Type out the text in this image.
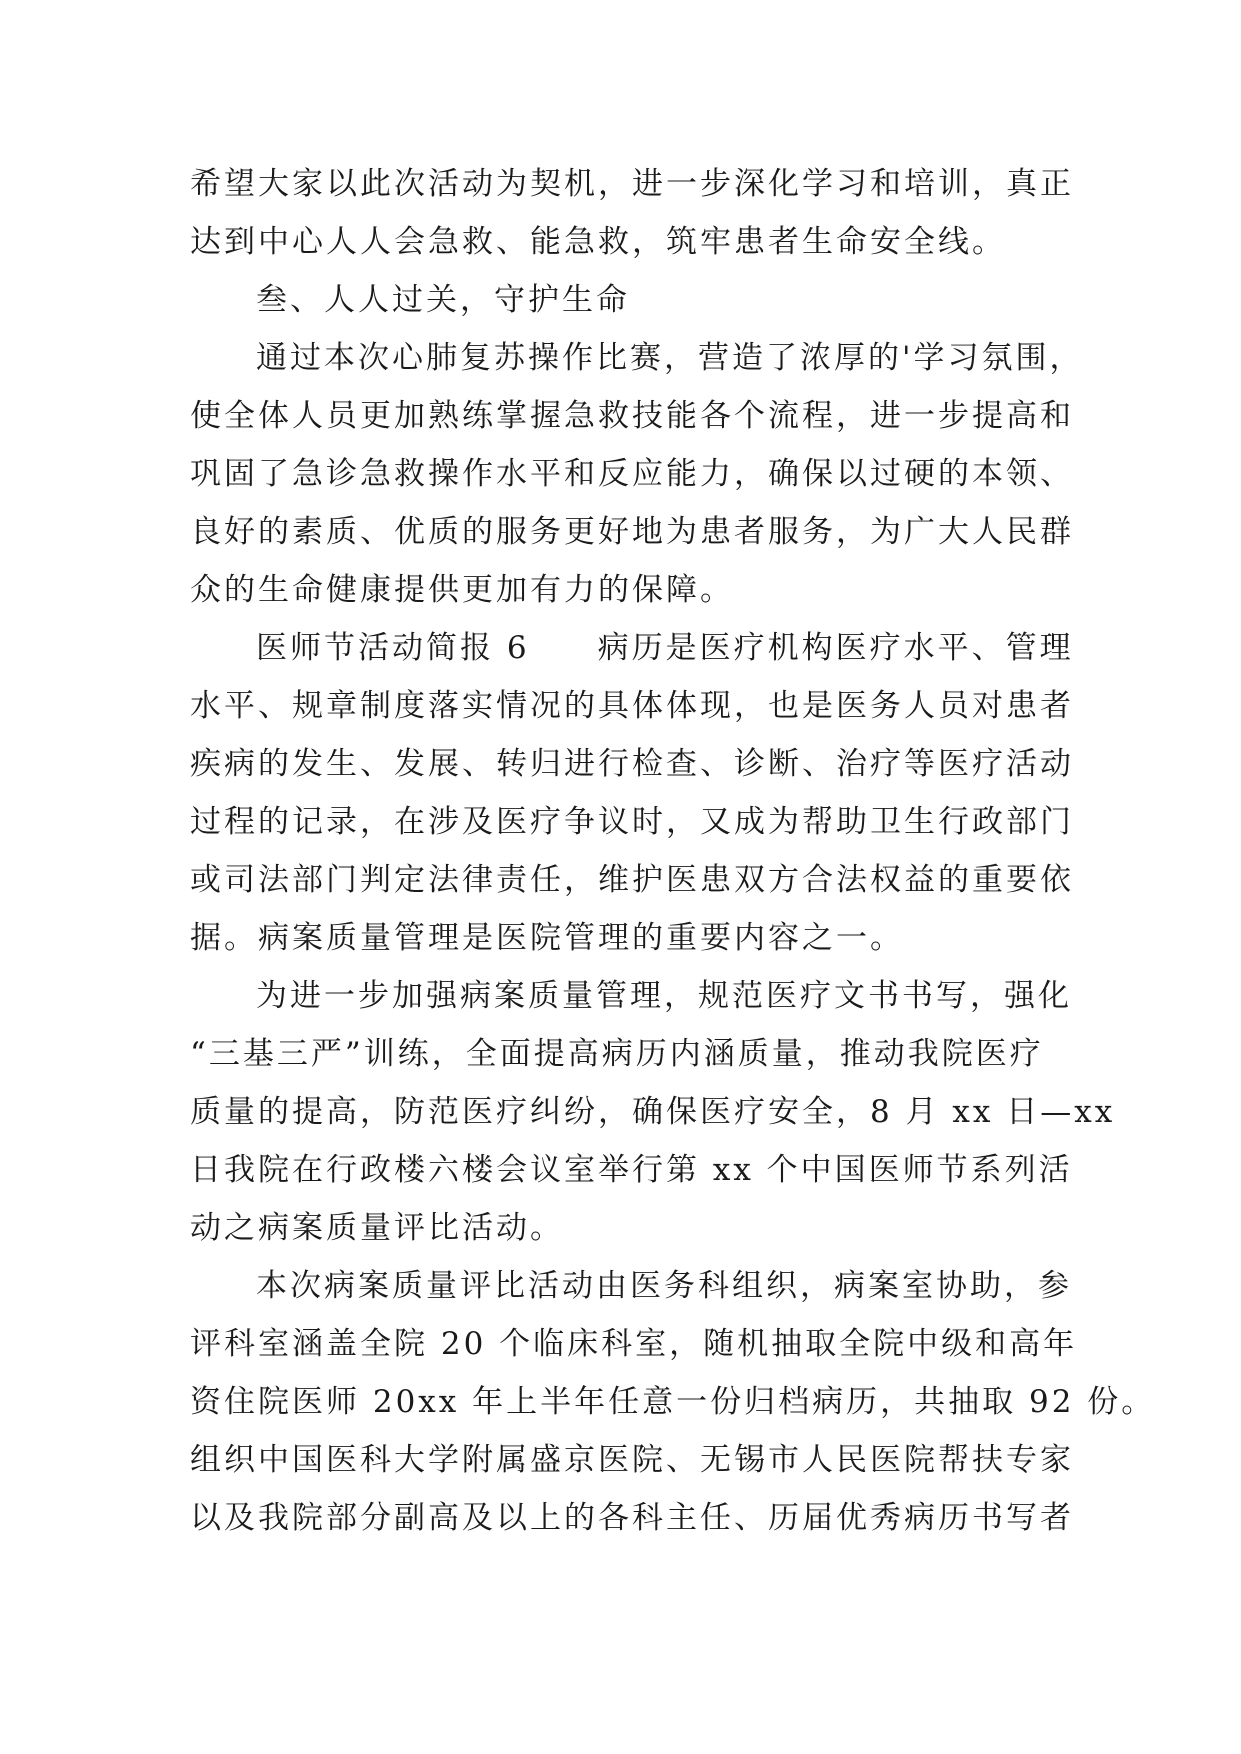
希望大家以此次活动为契机，进一步深化学习和培训，真正
达到中心人人会急救、能急救，筑牢患者生命安全线。
叁、人人过关，守护生命
通过本次心肺复苏操作比赛，营造了浓厚的'学习氛围，
使全体人员更加熟练掌握急救技能各个流程，进一步提高和
巩固了急诊急救操作水平和反应能力，确保以过硬的本领、
良好的素质、优质的服务更好地为患者服务，为广大人民群
众的生命健康提供更加有力的保障。
医师节活动简报 6　　病历是医疗机构医疗水平、管理
水平、规章制度落实情况的具体体现，也是医务人员对患者
疾病的发生、发展、转归进行检查、诊断、治疗等医疗活动
过程的记录，在涉及医疗争议时，又成为帮助卫生行政部门
或司法部门判定法律责任，维护医患双方合法权益的重要依
据。病案质量管理是医院管理的重要内容之一。
为进一步加强病案质量管理，规范医疗文书书写，强化
“三基三严”训练，全面提高病历内涵质量，推动我院医疗
质量的提高，防范医疗纠纷，确保医疗安全，8 月 xx 日—xx
日我院在行政楼六楼会议室举行第 xx 个中国医师节系列活
动之病案质量评比活动。
本次病案质量评比活动由医务科组织，病案室协助，参
评科室涵盖全院 20 个临床科室，随机抽取全院中级和高年
资住院医师 20xx 年上半年任意一份归档病历，共抽取 92 份。
组织中国医科大学附属盛京医院、无锡市人民医院帮扶专家
以及我院部分副高及以上的各科主任、历届优秀病历书写者
